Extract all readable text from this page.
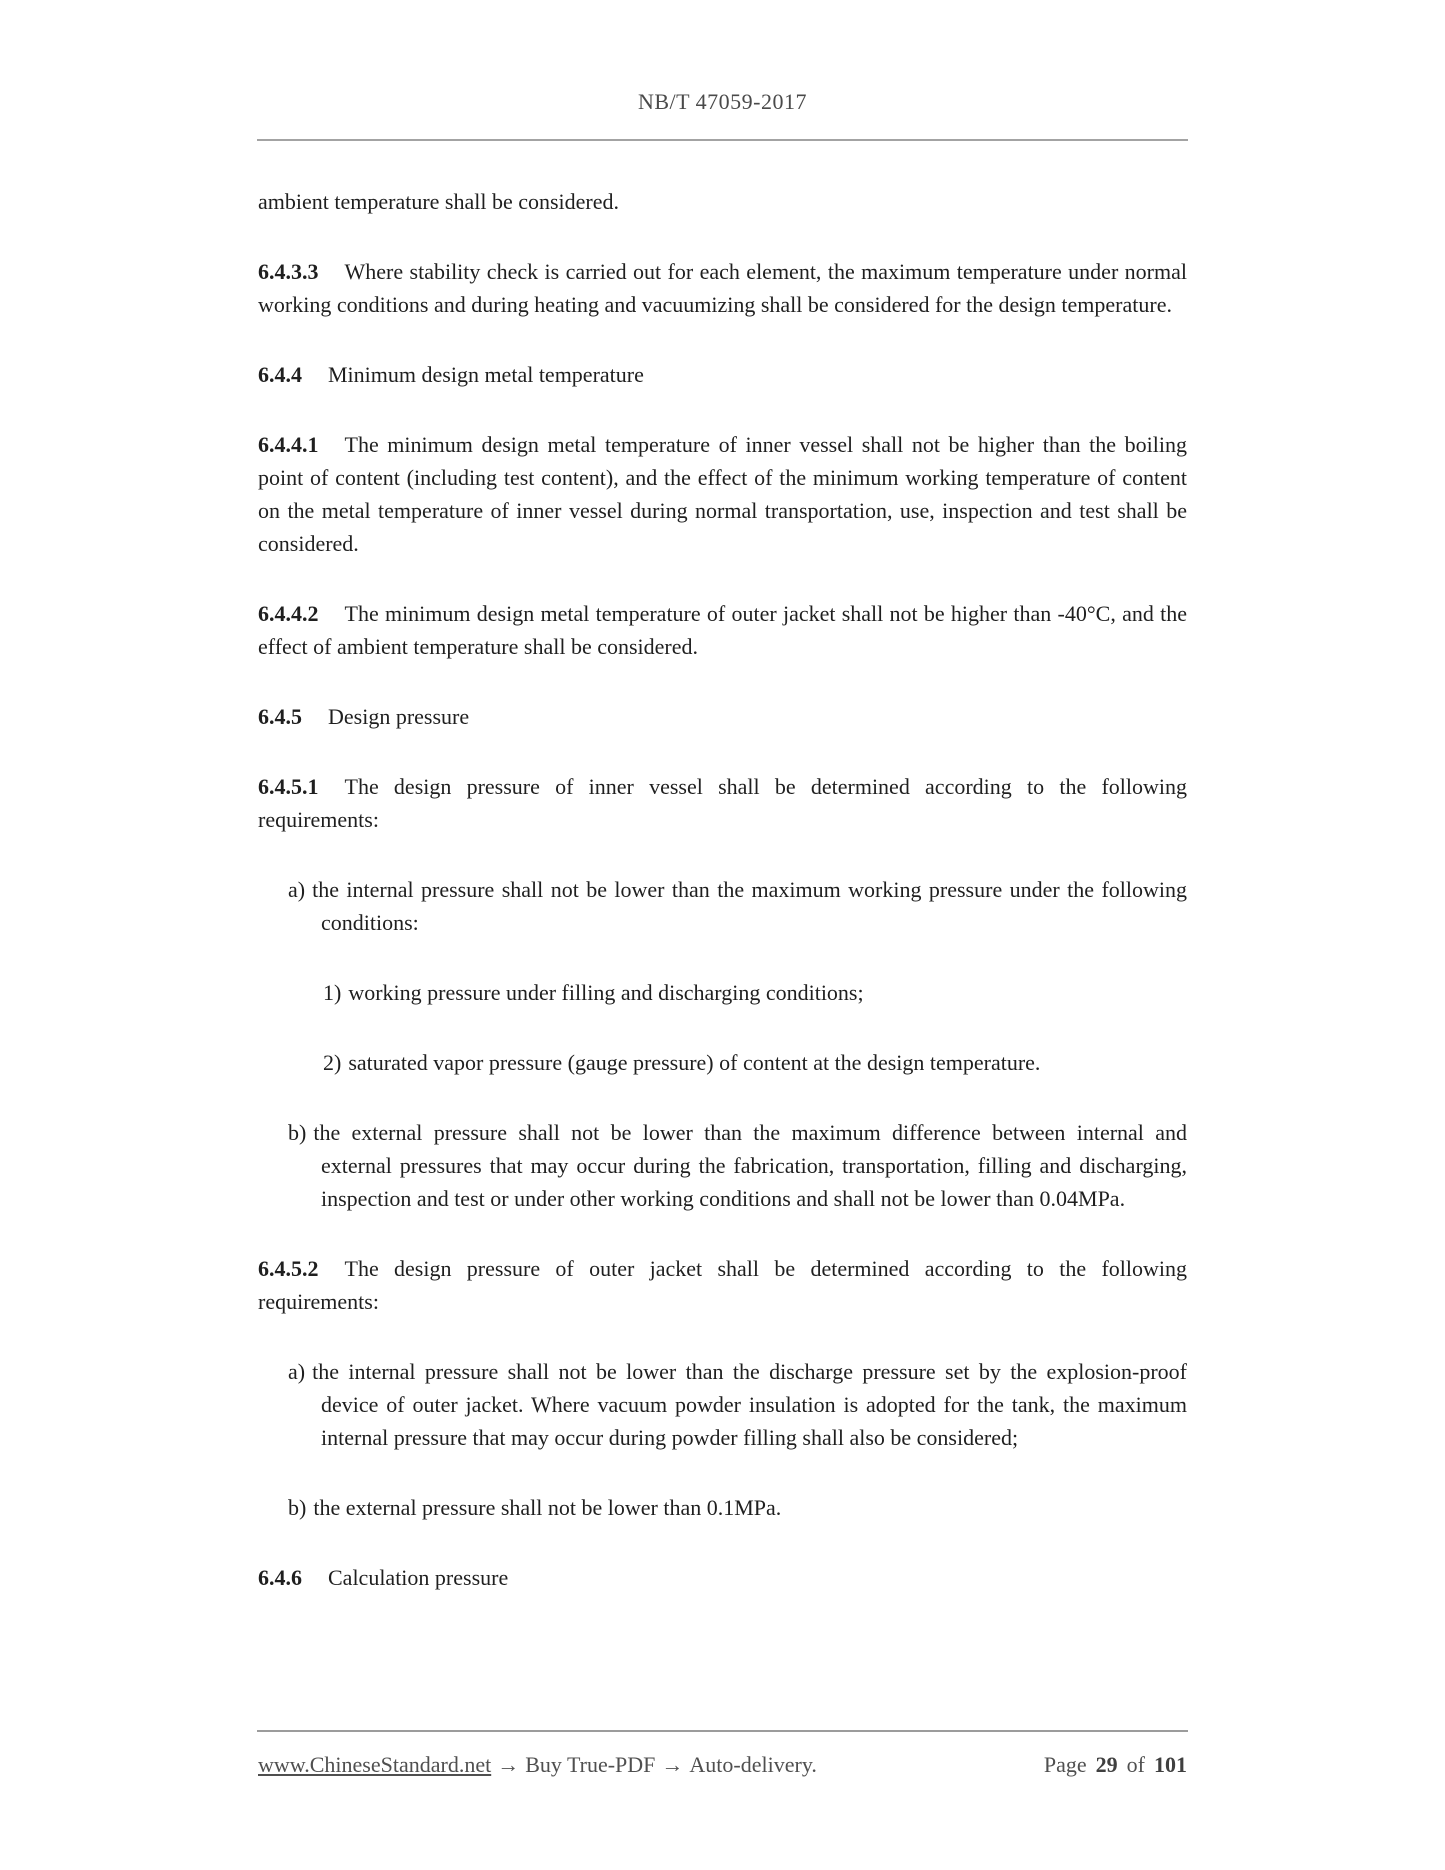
NB/T 47059-2017
ambient temperature shall be considered.
6.4.3.3 Where stability check is carried out for each element, the maximum temperature under normal working conditions and during heating and vacuumizing shall be considered for the design temperature.
6.4.4 Minimum design metal temperature
6.4.4.1 The minimum design metal temperature of inner vessel shall not be higher than the boiling point of content (including test content), and the effect of the minimum working temperature of content on the metal temperature of inner vessel during normal transportation, use, inspection and test shall be considered.
6.4.4.2 The minimum design metal temperature of outer jacket shall not be higher than -40°C, and the effect of ambient temperature shall be considered.
6.4.5 Design pressure
6.4.5.1 The design pressure of inner vessel shall be determined according to the following requirements:
a) the internal pressure shall not be lower than the maximum working pressure under the following conditions:
1) working pressure under filling and discharging conditions;
2) saturated vapor pressure (gauge pressure) of content at the design temperature.
b) the external pressure shall not be lower than the maximum difference between internal and external pressures that may occur during the fabrication, transportation, filling and discharging, inspection and test or under other working conditions and shall not be lower than 0.04MPa.
6.4.5.2 The design pressure of outer jacket shall be determined according to the following requirements:
a) the internal pressure shall not be lower than the discharge pressure set by the explosion-proof device of outer jacket. Where vacuum powder insulation is adopted for the tank, the maximum internal pressure that may occur during powder filling shall also be considered;
b) the external pressure shall not be lower than 0.1MPa.
6.4.6 Calculation pressure
www.ChineseStandard.net → Buy True-PDF → Auto-delivery.	Page 29 of 101
